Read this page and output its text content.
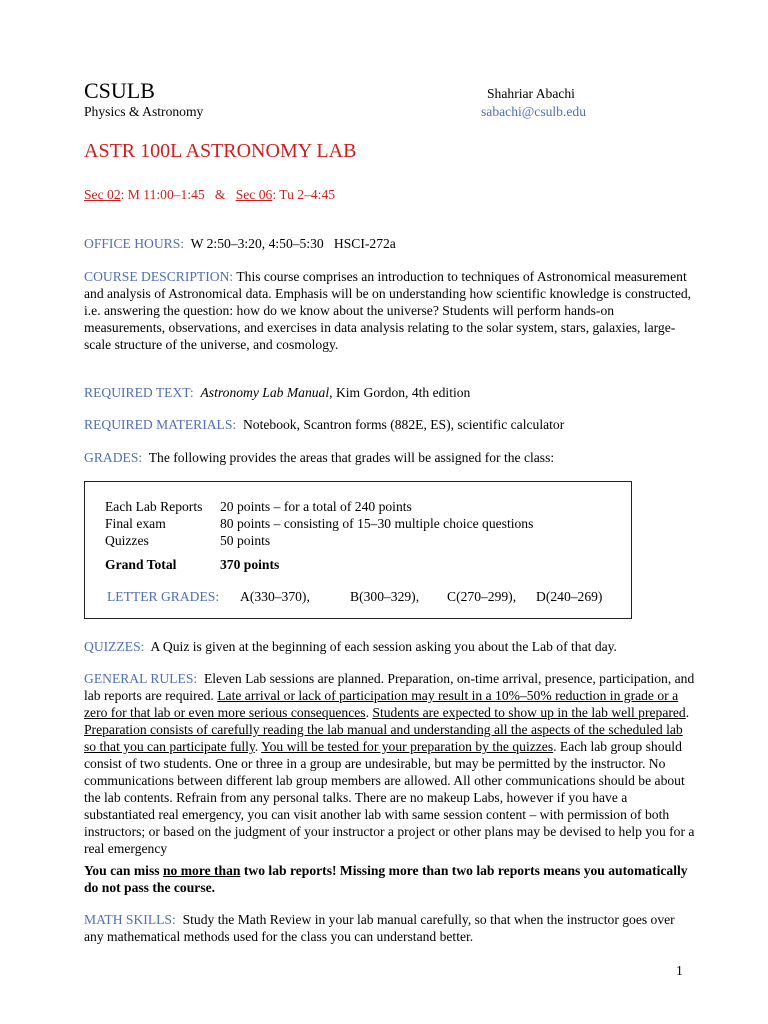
CSULB
Physics & Astronomy
Shahriar Abachi
sabachi@csulb.edu
ASTR 100L ASTRONOMY LAB
Sec 02: M 11:00–1:45 & Sec 06: Tu 2–4:45
OFFICE HOURS: W 2:50–3:20, 4:50–5:30   HSCI-272a
COURSE DESCRIPTION: This course comprises an introduction to techniques of Astronomical measurement and analysis of Astronomical data. Emphasis will be on understanding how scientific knowledge is constructed, i.e. answering the question: how do we know about the universe? Students will perform hands-on measurements, observations, and exercises in data analysis relating to the solar system, stars, galaxies, large-scale structure of the universe, and cosmology.
REQUIRED TEXT: Astronomy Lab Manual, Kim Gordon, 4th edition
REQUIRED MATERIALS: Notebook, Scantron forms (882E, ES), scientific calculator
GRADES: The following provides the areas that grades will be assigned for the class:
Each Lab Reports 20 points – for a total of 240 points
Final exam	80 points – consisting of 15–30 multiple choice questions
Quizzes	50 points
Grand Total	370 points
LETTER GRADES: A(330–370),	B(300–329), C(270–299), D(240–269)
QUIZZES: A Quiz is given at the beginning of each session asking you about the Lab of that day.
GENERAL RULES: Eleven Lab sessions are planned. Preparation, on-time arrival, presence, participation, and lab reports are required. Late arrival or lack of participation may result in a 10%–50% reduction in grade or a zero for that lab or even more serious consequences. Students are expected to show up in the lab well prepared. Preparation consists of carefully reading the lab manual and understanding all the aspects of the scheduled lab so that you can participate fully. You will be tested for your preparation by the quizzes. Each lab group should consist of two students. One or three in a group are undesirable, but may be permitted by the instructor. No communications between different lab group members are allowed. All other communications should be about the lab contents. Refrain from any personal talks. There are no makeup Labs, however if you have a substantiated real emergency, you can visit another lab with same session content – with permission of both instructors; or based on the judgment of your instructor a project or other plans may be devised to help you for a real emergency
You can miss no more than two lab reports! Missing more than two lab reports means you automatically do not pass the course.
MATH SKILLS: Study the Math Review in your lab manual carefully, so that when the instructor goes over any mathematical methods used for the class you can understand better.
1
